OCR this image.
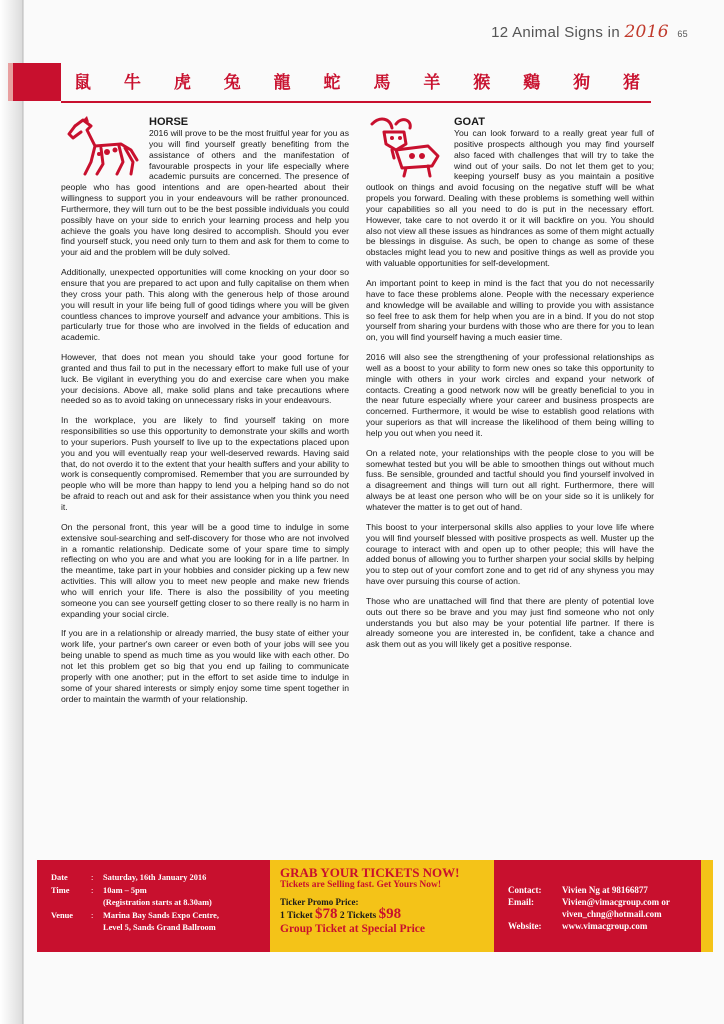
12 Animal Signs in 2016 65
鼠 牛 虎 兔 龍 蛇 馬 羊 猴 鷄 狗 猪
HORSE

2016 will prove to be the most fruitful year for you as you will find yourself greatly benefiting from the assistance of others and the manifestation of favourable prospects in your life especially where academic pursuits are concerned. The presence of people who has good intentions and are open-hearted about their willingness to support you in your endeavours will be rather pronounced. Furthermore, they will turn out to be the best possible individuals you could possibly have on your side to enrich your learning process and help you achieve the goals you have long desired to accomplish. Should you ever find yourself stuck, you need only turn to them and ask for them to come to your aid and the problem will be duly solved.

Additionally, unexpected opportunities will come knocking on your door so ensure that you are prepared to act upon and fully capitalise on them when they cross your path. This along with the generous help of those around you will result in your life being full of good tidings where you will be given countless chances to improve yourself and advance your ambitions. This is particularly true for those who are involved in the fields of education and academic.

However, that does not mean you should take your good fortune for granted and thus fail to put in the necessary effort to make full use of your luck. Be vigilant in everything you do and exercise care when you make your decisions. Above all, make solid plans and take precautions where needed so as to avoid taking on unnecessary risks in your endeavours.

In the workplace, you are likely to find yourself taking on more responsibilities so use this opportunity to demonstrate your skills and worth to your superiors. Push yourself to live up to the expectations placed upon you and you will eventually reap your well-deserved rewards. Having said that, do not overdo it to the extent that your health suffers and your ability to work is consequently compromised. Remember that you are surrounded by people who will be more than happy to lend you a helping hand so do not be afraid to reach out and ask for their assistance when you think you need it.

On the personal front, this year will be a good time to indulge in some extensive soul-searching and self-discovery for those who are not involved in a romantic relationship. Dedicate some of your spare time to simply reflecting on who you are and what you are looking for in a life partner. In the meantime, take part in your hobbies and consider picking up a few new activities. This will allow you to meet new people and make new friends who will enrich your life. There is also the possibility of you meeting someone you can see yourself getting closer to so there really is no harm in expanding your social circle.

If you are in a relationship or already married, the busy state of either your work life, your partner's own career or even both of your jobs will see you being unable to spend as much time as you would like with each other. Do not let this problem get so big that you end up failing to communicate properly with one another; put in the effort to set aside time to indulge in some of your shared interests or simply enjoy some time spent together in order to maintain the warmth of your relationship.

GOAT

You can look forward to a really great year full of positive prospects although you may find yourself also faced with challenges that will try to take the wind out of your sails. Do not let them get to you; keeping yourself busy as you maintain a positive outlook on things and avoid focusing on the negative stuff will be what propels you forward. Dealing with these problems is something well within your capabilities so all you need to do is put in the necessary effort. However, take care to not overdo it or it will backfire on you. You should also not view all these issues as hindrances as some of them might actually be blessings in disguise. As such, be open to change as some of these obstacles might lead you to new and positive things as well as provide you with valuable opportunities for self-development.

An important point to keep in mind is the fact that you do not necessarily have to face these problems alone. People with the necessary experience and knowledge will be available and willing to provide you with assistance so feel free to ask them for help when you are in a bind. If you do not stop yourself from sharing your burdens with those who are there for you to lean on, you will find yourself having a much easier time.

2016 will also see the strengthening of your professional relationships as well as a boost to your ability to form new ones so take this opportunity to mingle with others in your work circles and expand your network of contacts. Creating a good network now will be greatly beneficial to you in the near future especially where your career and business prospects are concerned. Furthermore, it would be wise to establish good relations with your superiors as that will increase the likelihood of them being willing to help you out when you need it.

On a related note, your relationships with the people close to you will be somewhat tested but you will be able to smoothen things out without much fuss. Be sensible, grounded and tactful should you find yourself involved in a disagreement and things will turn out all right. Furthermore, there will always be at least one person who will be on your side so it is unlikely for whatever the matter is to get out of hand.

This boost to your interpersonal skills also applies to your love life where you will find yourself blessed with positive prospects as well. Muster up the courage to interact with and open up to other people; this will have the added bonus of allowing you to further sharpen your social skills by helping you to step out of your comfort zone and to get rid of any shyness you may have over pursuing this course of action.

Those who are unattached will find that there are plenty of potential love outs out there so be brave and you may just find someone who not only understands you but also may be your potential life partner. If there is already someone you are interested in, be confident, take a chance and ask them out as you will likely get a positive response.

Date	:	Saturday, 16th January 2016
Time	:	10am – 5pm
(Registration starts at 8.30am)
Venue	:	Marina Bay Sands Expo Centre,
Level 5, Sands Grand Ballroom
GRAB YOUR TICKETS NOW!
Tickets are Selling fast. Get Yours Now!
Ticker Promo Price:
1 Ticket $78 2 Tickets $98
Group Ticket at Special Price
Contact:	Vivien Ng at 98166877
Email:	Vivien@vimacgroup.com or
viven_chng@hotmail.com
Website:	www.vimacgroup.com
